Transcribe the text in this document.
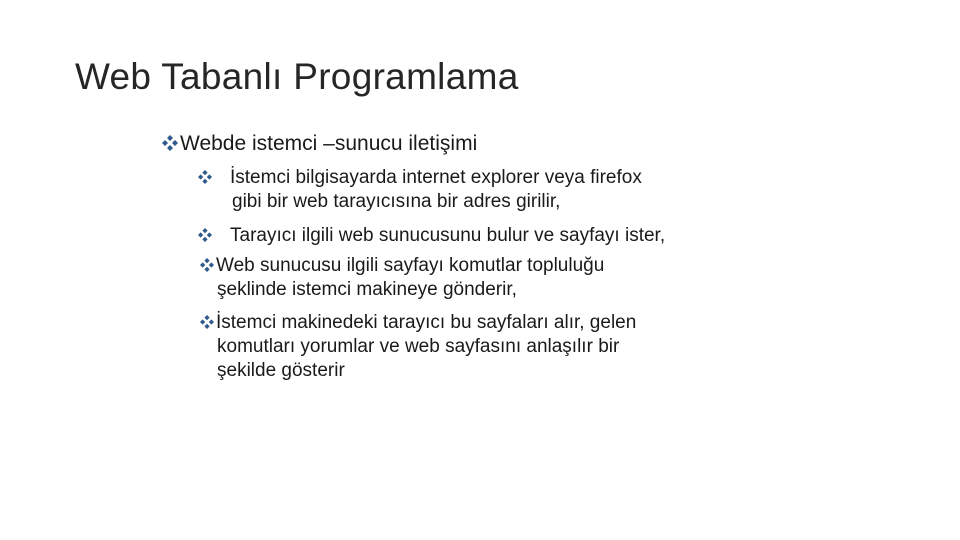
Web Tabanlı Programlama
Webde istemci –sunucu iletişimi
İstemci bilgisayarda internet explorer veya firefox
gibi bir web tarayıcısına bir adres girilir,
Tarayıcı ilgili web sunucusunu bulur ve sayfayı ister,
Web sunucusu ilgili sayfayı komutlar topluluğu
şeklinde istemci makineye gönderir,
İstemci makinedeki tarayıcı bu sayfaları alır, gelen
komutları yorumlar ve web sayfasını anlaşılır bir
şekilde gösterir
